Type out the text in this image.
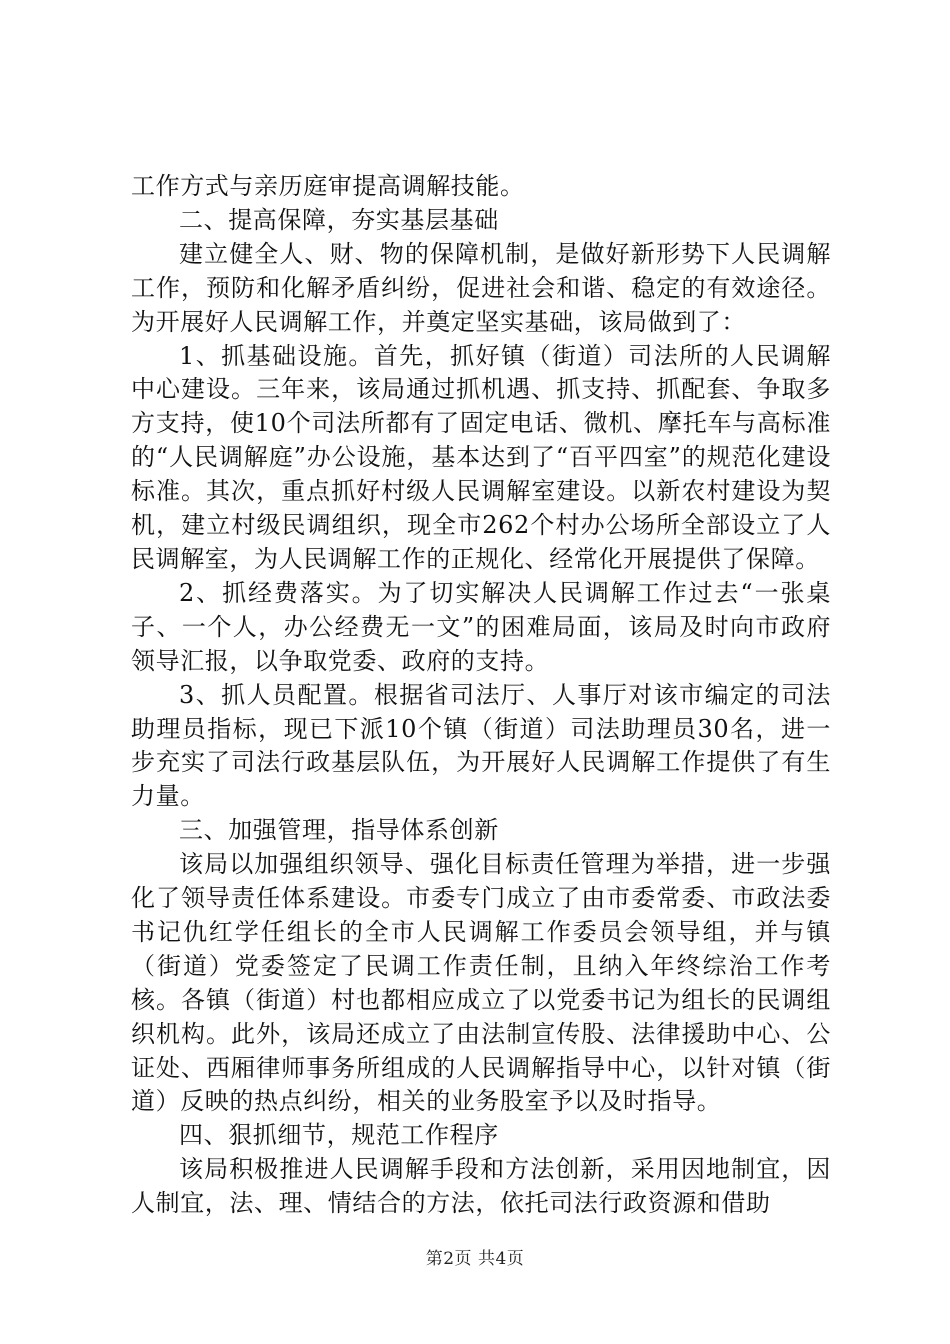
工作方式与亲历庭审提高调解技能。

二、提高保障，夯实基层基础

建立健全人、财、物的保障机制，是做好新形势下人民调解工作，预防和化解矛盾纠纷，促进社会和谐、稳定的有效途径。为开展好人民调解工作，并奠定坚实基础，该局做到了：

1、抓基础设施。首先，抓好镇（街道）司法所的人民调解中心建设。三年来，该局通过抓机遇、抓支持、抓配套、争取多方支持，使10个司法所都有了固定电话、微机、摩托车与高标准的“人民调解庭”办公设施，基本达到了“百平四室”的规范化建设标准。其次，重点抓好村级人民调解室建设。以新农村建设为契机，建立村级民调组织，现全市262个村办公场所全部设立了人民调解室，为人民调解工作的正规化、经常化开展提供了保障。

2、抓经费落实。为了切实解决人民调解工作过去“一张桌子、一个人，办公经费无一文”的困难局面，该局及时向市政府领导汇报，以争取党委、政府的支持。

3、抓人员配置。根据省司法厅、人事厅对该市编定的司法助理员指标，现已下派10个镇（街道）司法助理员30名，进一步充实了司法行政基层队伍，为开展好人民调解工作提供了有生力量。

三、加强管理，指导体系创新

该局以加强组织领导、强化目标责任管理为举措，进一步强化了领导责任体系建设。市委专门成立了由市委常委、市政法委书记仇红学任组长的全市人民调解工作委员会领导组，并与镇（街道）党委签定了民调工作责任制，且纳入年终综治工作考核。各镇（街道）村也都相应成立了以党委书记为组长的民调组织机构。此外，该局还成立了由法制宣传股、法律援助中心、公证处、西厢律师事务所组成的人民调解指导中心，以针对镇（街道）反映的热点纠纷，相关的业务股室予以及时指导。

四、狠抓细节，规范工作程序

该局积极推进人民调解手段和方法创新，采用因地制宜，因人制宜，法、理、情结合的方法，依托司法行政资源和借助

第2页 共4页
